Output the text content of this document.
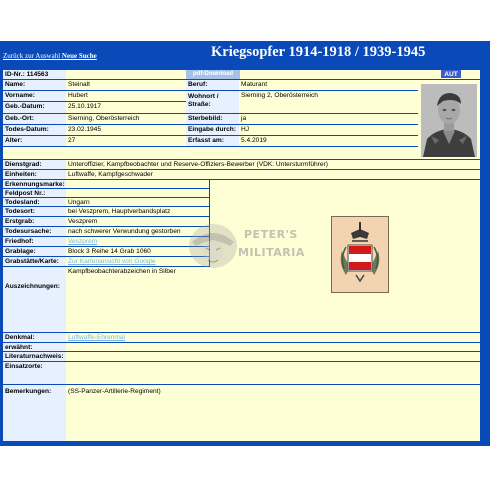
Zurück zur Auswahl Neue Suche	Kriegsopfer 1914-1918 / 1939-1945
ID-Nr.: 114563	pdf-Download	AUT
Name:	Steinalt
Vorname:	Hubert
Geb.-Datum:	25.10.1917
Geb.-Ort:	Sierning, Oberösterreich
Todes-Datum:	23.02.1945
Alter:	27
Beruf:	Maturant
Wohnort / Straße:
Sierning 2, Oberösterreich
Sterbebild:	ja
Eingabe durch: HJ
Erfasst am:	5.4.2019
Dienstgrad:	Unteroffizier, Kampfbeobachter und Reserve-Offiziers-Bewerber (VDK: Untersturmführer)
Einheiten:	Luftwaffe, Kampfgeschwader
Erkennungsmarke:
Feldpost Nr.:
Todesland:	Ungarn
Todesort:	bei Veszprem, Hauptverbandsplatz
Erstgrab:	Veszprem
Todesursache:	nach schwerer Verwundung gestorben
Friedhof:	Veszprem
Grablage:	Block 3 Reihe 14 Grab 1060
Grabstätte/Karte:	Zur Kartenansicht von Google
Auszeichnungen:
Kampfbeobachterabzeichen in Silber
Denkmal:	Luftwaffe-Ehrenmal
erwähnt:
Literaturnachweis:
Einsatzorte:
Bemerkungen:	(SS-Panzer-Artillerie-Regiment)
PETER'S
MILITARIA
